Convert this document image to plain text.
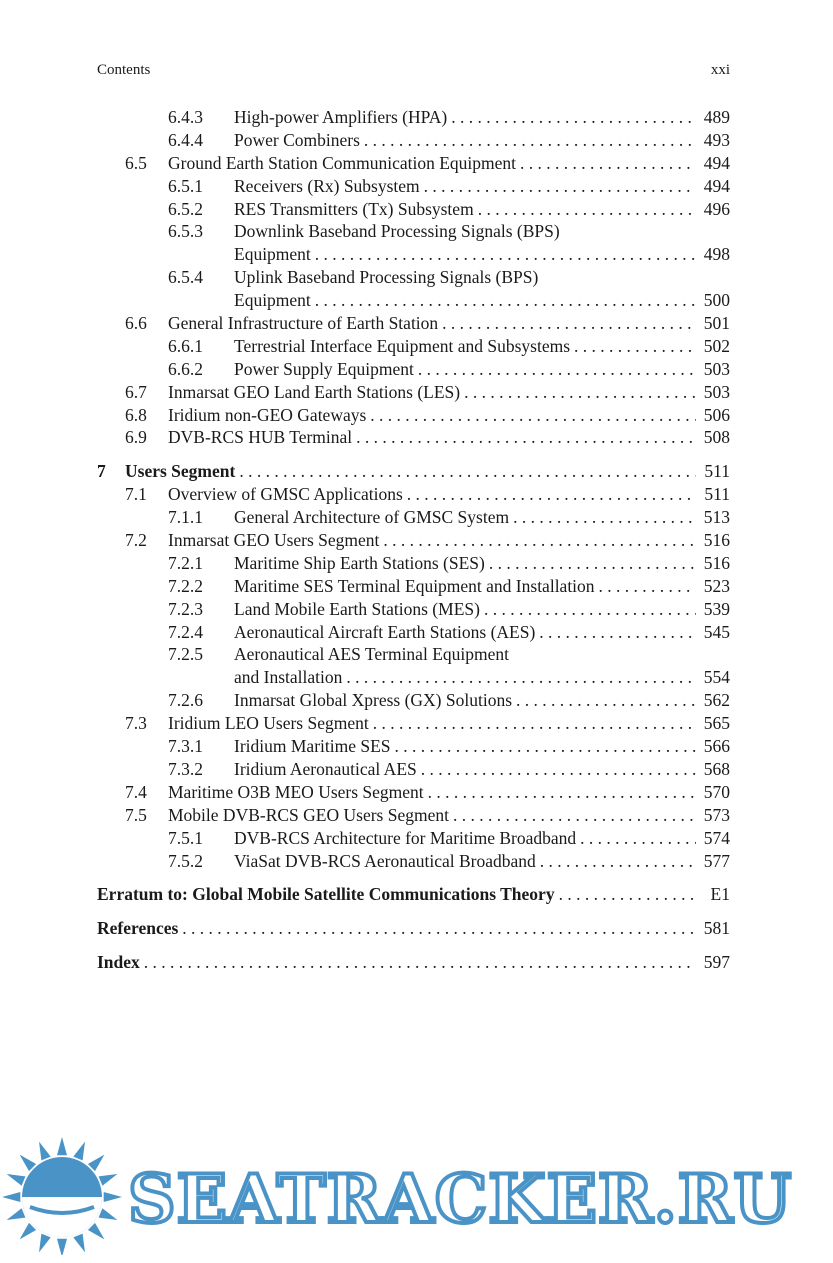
Contents	xxi
6.4.3 High-power Amplifiers (HPA) . . .	489
6.4.4 Power Combiners . . .	493
6.5 Ground Earth Station Communication Equipment . . .	494
6.5.1 Receivers (Rx) Subsystem . . .	494
6.5.2 RES Transmitters (Tx) Subsystem . . .	496
6.5.3 Downlink Baseband Processing Signals (BPS)
Equipment . . .	498
6.5.4 Uplink Baseband Processing Signals (BPS)
Equipment . . .	500
6.6 General Infrastructure of Earth Station . . .	501
6.6.1 Terrestrial Interface Equipment and Subsystems . . .	502
6.6.2 Power Supply Equipment . . .	503
6.7 Inmarsat GEO Land Earth Stations (LES) . . .	503
6.8 Iridium non-GEO Gateways . . .	506
6.9 DVB-RCS HUB Terminal . . .	508
7 Users Segment . . .	511
7.1 Overview of GMSC Applications . . .	511
7.1.1 General Architecture of GMSC System . . .	513
7.2 Inmarsat GEO Users Segment . . .	516
7.2.1 Maritime Ship Earth Stations (SES) . . .	516
7.2.2 Maritime SES Terminal Equipment and Installation . . .	523
7.2.3 Land Mobile Earth Stations (MES) . . .	539
7.2.4 Aeronautical Aircraft Earth Stations (AES) . . .	545
7.2.5 Aeronautical AES Terminal Equipment
and Installation . . .	554
7.2.6 Inmarsat Global Xpress (GX) Solutions . . .	562
7.3 Iridium LEO Users Segment . . .	565
7.3.1 Iridium Maritime SES . . .	566
7.3.2 Iridium Aeronautical AES . . .	568
7.4 Maritime O3B MEO Users Segment . . .	570
7.5 Mobile DVB-RCS GEO Users Segment . . .	573
7.5.1 DVB-RCS Architecture for Maritime Broadband . . .	574
7.5.2 ViaSat DVB-RCS Aeronautical Broadband . . .	577
Erratum to: Global Mobile Satellite Communications Theory . . .	E1
References . . .	581
Index . . .	597
SEATRACKER.RU
